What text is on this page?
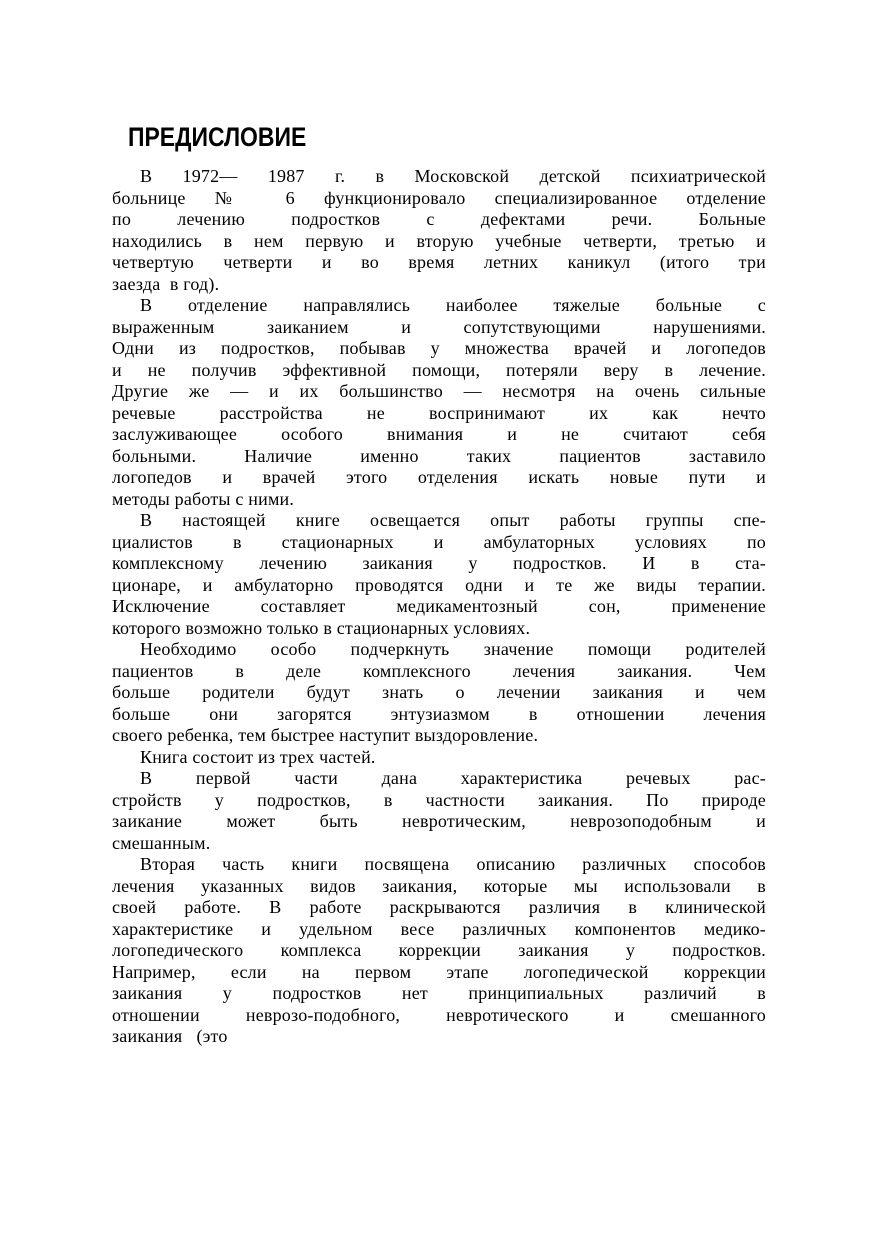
ПРЕДИСЛОВИЕ
В 1972— 1987 г. в Московской детской психиатрической
больнице № 6 функционировало специализированное отделение
по лечению подростков с дефектами речи. Больные
находились в нем первую и вторую учебные четверти, третью и
четвертую четверти и во время летних каникул (итого три
заезда  в год).
В отделение направлялись наиболее тяжелые больные с
выраженным заиканием и сопутствующими нарушениями.
Одни из подростков, побывав у множества врачей и логопедов
и не получив эффективной помощи, потеряли веру в лечение.
Другие же — и их большинство — несмотря на очень сильные
речевые расстройства не воспринимают их как нечто
заслуживающее особого внимания и не считают себя
больными. Наличие именно таких пациентов заставило
логопедов и врачей этого отделения искать новые пути и
методы работы с ними.
В настоящей книге освещается опыт работы группы спе-
циалистов в стационарных и амбулаторных условиях по
комплексному лечению заикания у подростков. И в ста-
ционаре, и амбулаторно проводятся одни и те же виды терапии.
Исключение составляет медикаментозный сон, применение
которого возможно только в стационарных условиях.
Необходимо особо подчеркнуть значение помощи родителей
пациентов в деле комплексного лечения заикания. Чем
больше родители будут знать о лечении заикания и чем
больше они загорятся энтузиазмом в отношении лечения
своего ребенка, тем быстрее наступит выздоровление.
Книга состоит из трех частей.
В первой части дана характеристика речевых рас-
стройств у подростков, в частности заикания. По природе
заикание может быть невротическим, неврозоподобным и
смешанным.
Вторая часть книги посвящена описанию различных способов
лечения указанных видов заикания, которые мы использовали в
своей работе. В работе раскрываются различия в клинической
характеристике и удельном весе различных компонентов медико-
логопедического комплекса коррекции заикания у подростков.
Например, если на первом этапе логопедической коррекции
заикания у подростков нет принципиальных различий в
отношении неврозо-подобного, невротического и смешанного
заикания   (это
